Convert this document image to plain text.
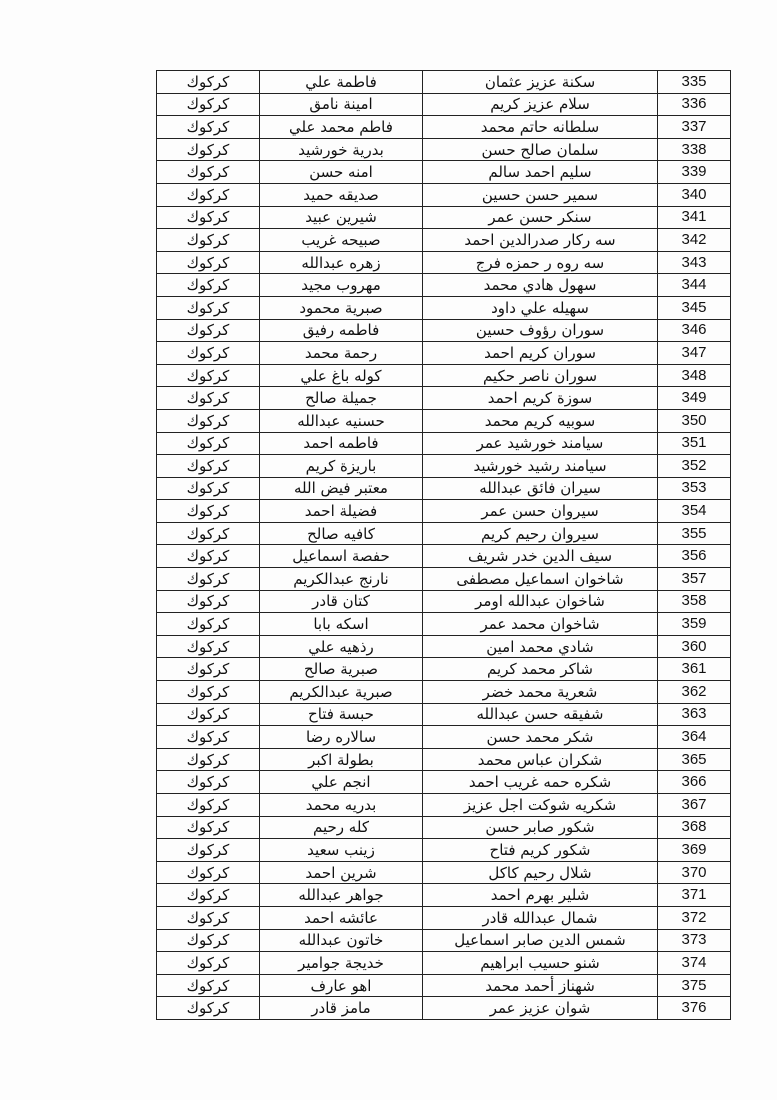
كركوك	فاطمة علي	سكنة عزيز عثمان	335
كركوك	امينة نامق	سلام عزيز كريم	336
كركوك	فاطم محمد علي	سلطانه حاتم محمد	337
كركوك	بدرية خورشيد	سلمان صالح حسن	338
كركوك	امنه حسن	سليم احمد سالم	339
كركوك	صديقه حميد	سمير حسن حسين	340
كركوك	شيرين عبيد	سنكر حسن عمر	341
كركوك	صبيحه غريب	سه ركار صدرالدين احمد	342
كركوك	زهره عبدالله	سه روه ر حمزه فرج	343
كركوك	مهروب مجيد	سهول هادي محمد	344
كركوك	صبرية محمود	سهيله علي داود	345
كركوك	فاطمه رفيق	سوران رؤوف حسين	346
كركوك	رحمة محمد	سوران كريم احمد	347
كركوك	كوله باغ علي	سوران ناصر حكيم	348
كركوك	جميلة صالح	سوزة كريم احمد	349
كركوك	حسنيه عبدالله	سوبيه كريم محمد	350
كركوك	فاطمه احمد	سيامند خورشيد عمر	351
كركوك	باريزة كريم	سيامند رشيد خورشيد	352
كركوك	معتبر فيض الله	سيران فائق عبدالله	353
كركوك	فضيلة احمد	سيروان حسن عمر	354
كركوك	كافيه صالح	سيروان رحيم كريم	355
كركوك	حفصة اسماعيل	سيف الدين خدر شريف	356
كركوك	نارنج عبدالكريم	شاخوان اسماعيل مصطفى	357
كركوك	كتان قادر	شاخوان عبدالله اومر	358
كركوك	اسكه بابا	شاخوان محمد عمر	359
كركوك	رذهيه علي	شادي محمد امين	360
كركوك	صبرية صالح	شاكر محمد كريم	361
كركوك	صبرية عبدالكريم	شعرية محمد خضر	362
كركوك	حبسة فتاح	شفيقه حسن عبدالله	363
كركوك	سالاره رضا	شكر محمد حسن	364
كركوك	بطولة اكبر	شكران عباس محمد	365
كركوك	انجم علي	شكره حمه غريب احمد	366
كركوك	بدريه محمد	شكريه شوكت اجل عزيز	367
كركوك	كله رحيم	شكور صابر حسن	368
كركوك	زينب سعيد	شكور كريم فتاح	369
كركوك	شرين احمد	شلال رحيم كاكل	370
كركوك	جواهر عبدالله	شلير بهرم احمد	371
كركوك	عائشه احمد	شمال عبدالله قادر	372
كركوك	خاتون عبدالله	شمس الدين صابر اسماعيل	373
كركوك	خديجة جوامير	شنو حسيب ابراهيم	374
كركوك	اهو عارف	شهناز أحمد محمد	375
كركوك	مامز قادر	شوان عزيز عمر	376
